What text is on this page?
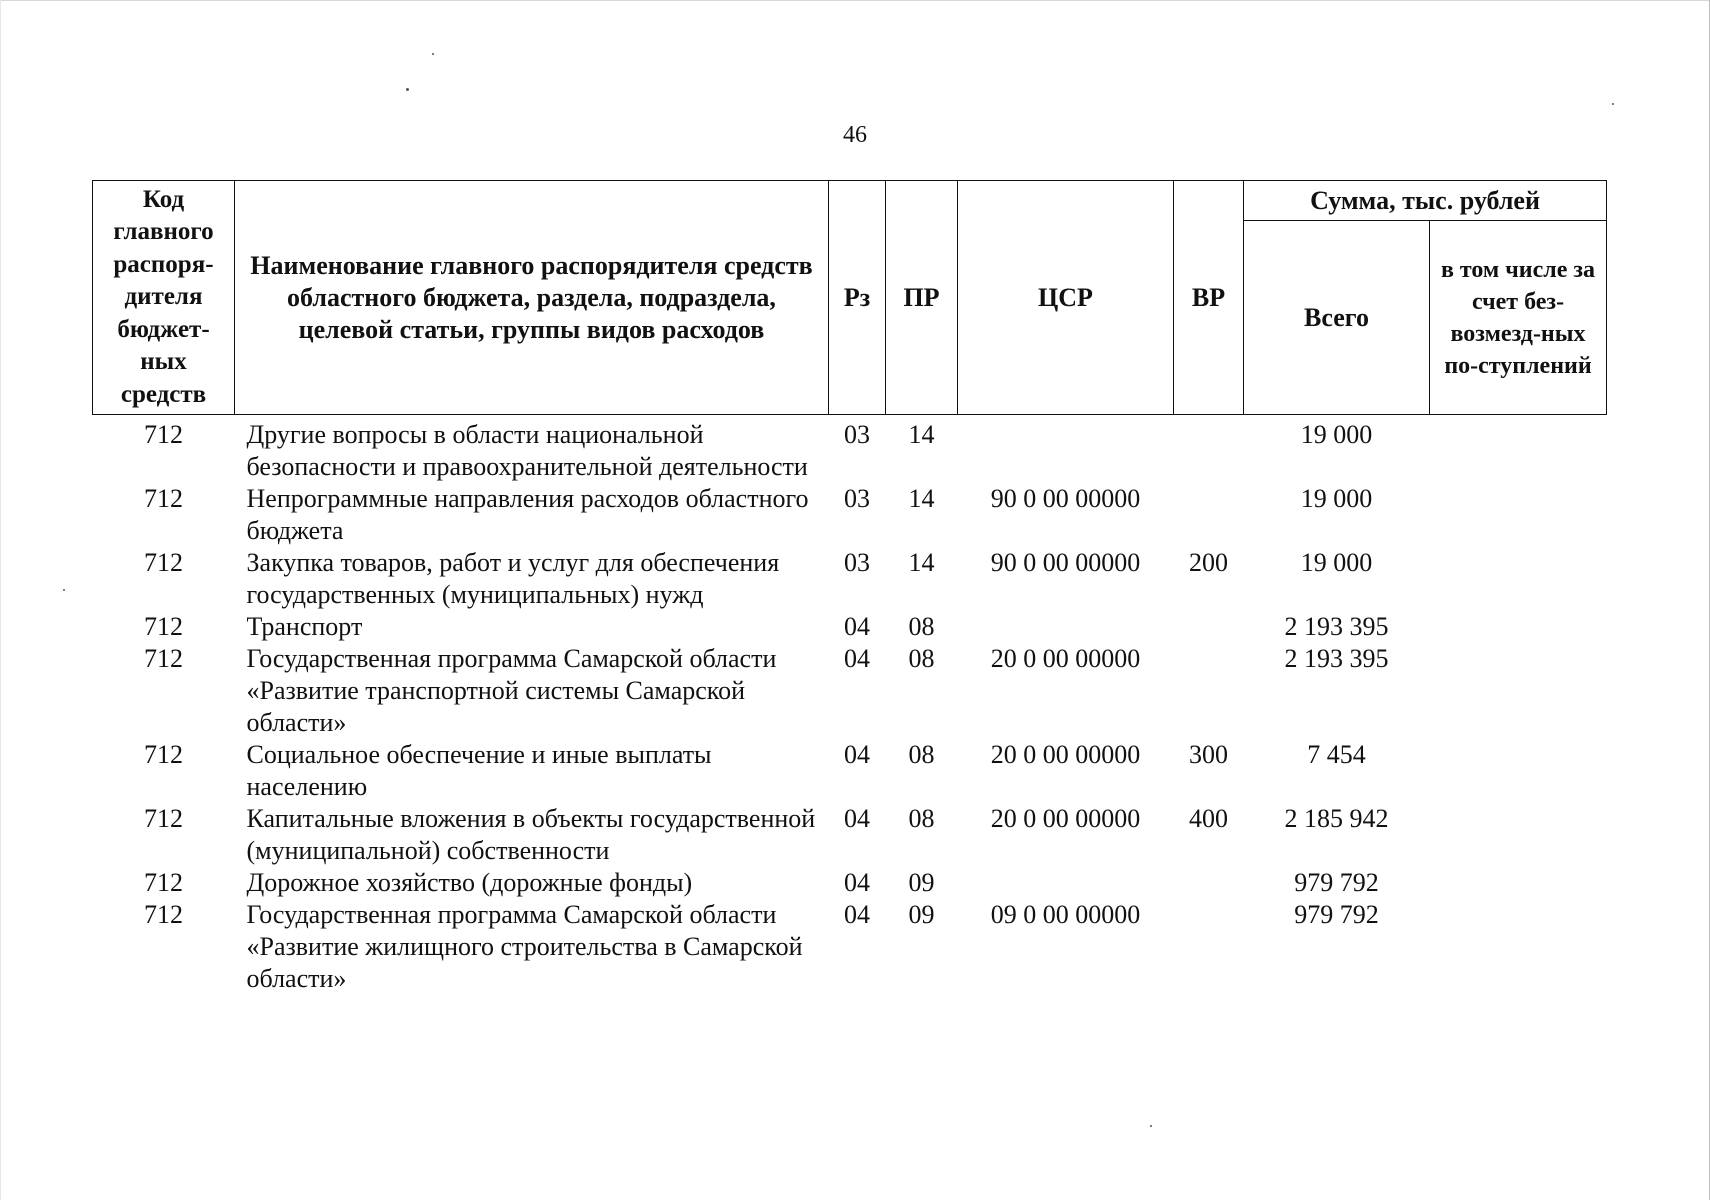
46
Код главного распоря-дителя бюджет-ных средств	Наименование главного распорядителя средств областного бюджета, раздела, подраздела, целевой статьи, группы видов расходов	Рз	ПР	ЦСР	ВР	Сумма, тыс. рублей	
						Всего	в том числе за счет без-возмезд-ных по-ступлений
712	Другие вопросы в области национальной безопасности и правоохранительной деятельности	03	14			19 000	
712	Непрограммные направления расходов областного бюджета	03	14	90 0 00 00000		19 000	
712	Закупка товаров, работ и услуг для обеспечения государственных (муниципальных) нужд	03	14	90 0 00 00000	200	19 000	
712	Транспорт	04	08			2 193 395	
712	Государственная программа Самарской области «Развитие транспортной системы Самарской области»	04	08	20 0 00 00000		2 193 395	
712	Социальное обеспечение и иные выплаты населению	04	08	20 0 00 00000	300	7 454	
712	Капитальные вложения в объекты государственной (муниципальной) собственности	04	08	20 0 00 00000	400	2 185 942	
712	Дорожное хозяйство (дорожные фонды)	04	09			979 792	
712	Государственная программа Самарской области «Развитие жилищного строительства в Самарской области»	04	09	09 0 00 00000		979 792	
